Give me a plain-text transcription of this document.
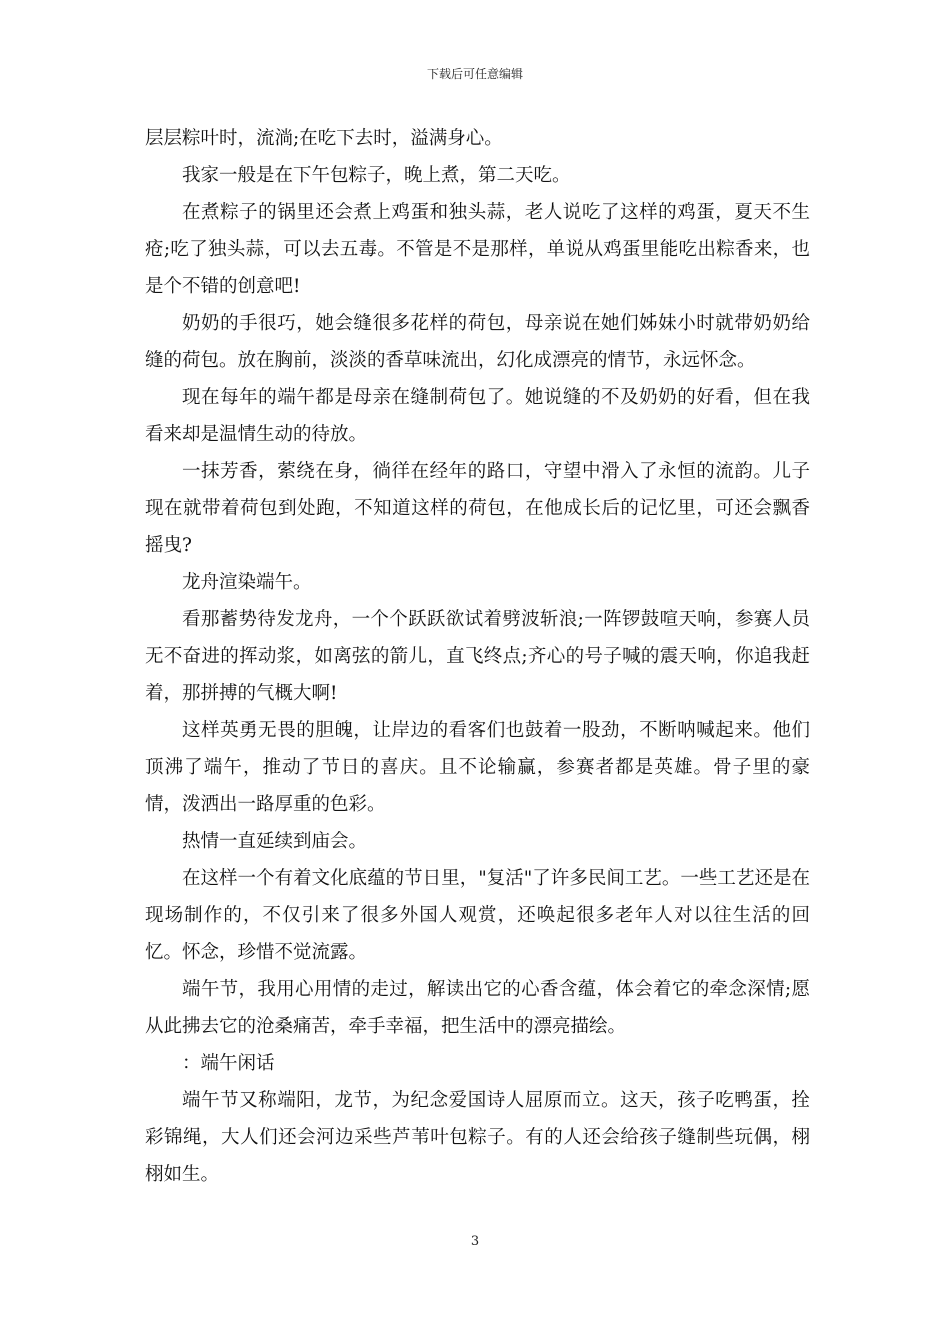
下载后可任意编辑

层层粽叶时，流淌;在吃下去时，溢满身心。

我家一般是在下午包粽子，晚上煮，第二天吃。

在煮粽子的锅里还会煮上鸡蛋和独头蒜，老人说吃了这样的鸡蛋，夏天不生疮;吃了独头蒜，可以去五毒。不管是不是那样，单说从鸡蛋里能吃出粽香来，也是个不错的创意吧!

奶奶的手很巧，她会缝很多花样的荷包，母亲说在她们姊妹小时就带奶奶给缝的荷包。放在胸前，淡淡的香草味流出，幻化成漂亮的情节，永远怀念。

现在每年的端午都是母亲在缝制荷包了。她说缝的不及奶奶的好看，但在我看来却是温情生动的待放。

一抹芳香，萦绕在身，徜徉在经年的路口，守望中滑入了永恒的流韵。儿子现在就带着荷包到处跑，不知道这样的荷包，在他成长后的记忆里，可还会飘香摇曳?

龙舟渲染端午。

看那蓄势待发龙舟，一个个跃跃欲试着劈波斩浪;一阵锣鼓喧天响，参赛人员无不奋进的挥动浆，如离弦的箭儿，直飞终点;齐心的号子喊的震天响，你追我赶着，那拼搏的气概大啊!

这样英勇无畏的胆魄，让岸边的看客们也鼓着一股劲，不断呐喊起来。他们顶沸了端午，推动了节日的喜庆。且不论输赢，参赛者都是英雄。骨子里的豪情，泼洒出一路厚重的色彩。

热情一直延续到庙会。

在这样一个有着文化底蕴的节日里，"复活"了许多民间工艺。一些工艺还是在现场制作的，不仅引来了很多外国人观赏，还唤起很多老年人对以往生活的回忆。怀念，珍惜不觉流露。

端午节，我用心用情的走过，解读出它的心香含蕴，体会着它的牵念深情;愿从此拂去它的沧桑痛苦，牵手幸福，把生活中的漂亮描绘。

：端午闲话

端午节又称端阳，龙节，为纪念爱国诗人屈原而立。这天，孩子吃鸭蛋，拴彩锦绳，大人们还会河边采些芦苇叶包粽子。有的人还会给孩子缝制些玩偶，栩栩如生。

3
